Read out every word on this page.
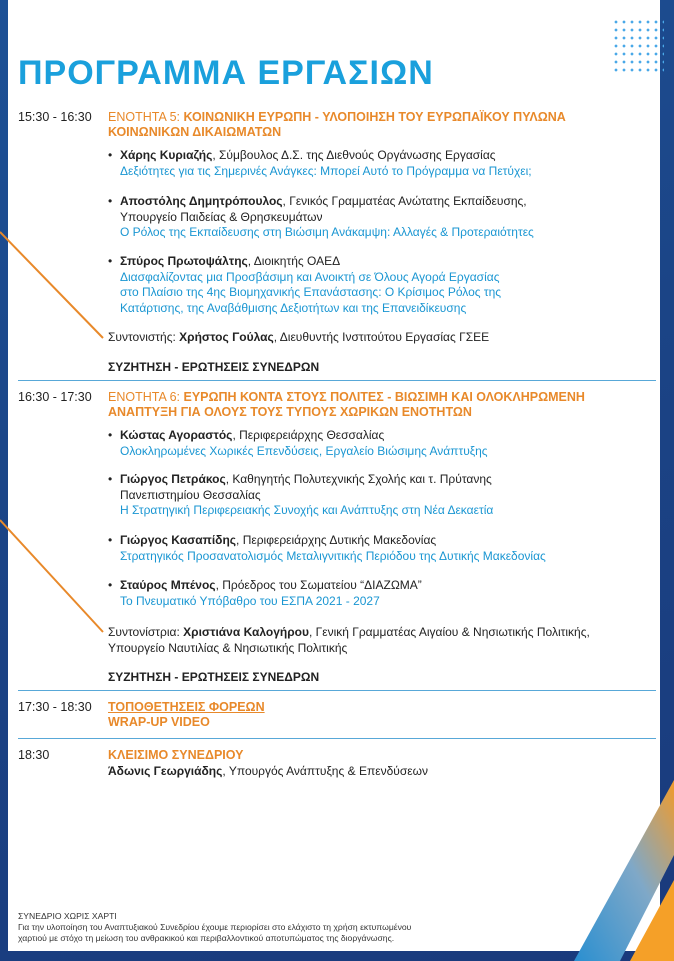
ΠΡΟΓΡΑΜΜΑ ΕΡΓΑΣΙΩΝ
15:30 - 16:30 ΕΝΟΤΗΤΑ 5: ΚΟΙΝΩΝΙΚΗ ΕΥΡΩΠΗ - ΥΛΟΠΟΙΗΣΗ ΤΟΥ ΕΥΡΩΠΑΪΚΟΥ ΠΥΛΩΝΑ
ΚΟΙΝΩΝΙΚΩΝ ΔΙΚΑΙΩΜΑΤΩΝ
• Χάρης Κυριαζής, Σύμβουλος Δ.Σ. της Διεθνούς Οργάνωσης Εργασίας
Δεξιότητες για τις Σημερινές Ανάγκες: Μπορεί Αυτό το Πρόγραμμα να Πετύχει;
• Αποστόλης Δημητρόπουλος, Γενικός Γραμματέας Ανώτατης Εκπαίδευσης,
Υπουργείο Παιδείας & Θρησκευμάτων
Ο Ρόλος της Εκπαίδευσης στη Βιώσιμη Ανάκαμψη: Αλλαγές & Προτεραιότητες
• Σπύρος Πρωτοψάλτης, Διοικητής ΟΑΕΔ
Διασφαλίζοντας μια Προσβάσιμη και Ανοικτή σε Όλους Αγορά Εργασίας
στο Πλαίσιο της 4ης Βιομηχανικής Επανάστασης: Ο Κρίσιμος Ρόλος της
Κατάρτισης, της Αναβάθμισης Δεξιοτήτων και της Επανειδίκευσης
Συντονιστής: Χρήστος Γούλας, Διευθυντής Ινστιτούτου Εργασίας ΓΣΕΕ
ΣΥΖΗΤΗΣΗ - ΕΡΩΤΗΣΕΙΣ ΣΥΝΕΔΡΩΝ
16:30 - 17:30 ΕΝΟΤΗΤΑ 6: ΕΥΡΩΠΗ ΚΟΝΤΑ ΣΤΟΥΣ ΠΟΛΙΤΕΣ - ΒΙΩΣΙΜΗ ΚΑΙ ΟΛΟΚΛΗΡΩΜΕΝΗ
ΑΝΑΠΤΥΞΗ ΓΙΑ ΟΛΟΥΣ ΤΟΥΣ ΤΥΠΟΥΣ ΧΩΡΙΚΩΝ ΕΝΟΤΗΤΩΝ
• Κώστας Αγοραστός, Περιφερειάρχης Θεσσαλίας
Ολοκληρωμένες Χωρικές Επενδύσεις, Εργαλείο Βιώσιμης Ανάπτυξης
• Γιώργος Πετράκος, Καθηγητής Πολυτεχνικής Σχολής και τ. Πρύτανης
Πανεπιστημίου Θεσσαλίας
Η Στρατηγική Περιφερειακής Συνοχής και Ανάπτυξης στη Νέα Δεκαετία
• Γιώργος Κασαπίδης, Περιφερειάρχης Δυτικής Μακεδονίας
Στρατηγικός Προσανατολισμός Μεταλιγνιτικής Περιόδου της Δυτικής Μακεδονίας
• Σταύρος Μπένος, Πρόεδρος του Σωματείου “ΔΙΑΖΩΜΑ”
Το Πνευματικό Υπόβαθρο του ΕΣΠΑ 2021 - 2027
Συντονίστρια: Χριστιάνα Καλογήρου, Γενική Γραμματέας Αιγαίου & Νησιωτικής Πολιτικής,
Υπουργείο Ναυτιλίας & Νησιωτικής Πολιτικής
ΣΥΖΗΤΗΣΗ - ΕΡΩΤΗΣΕΙΣ ΣΥΝΕΔΡΩΝ
17:30 - 18:30 ΤΟΠΟΘΕΤΗΣΕΙΣ ΦΟΡΕΩΝ
WRAP-UP VIDEO
18:30	ΚΛΕΙΣΙΜΟ ΣΥΝΕΔΡΙΟΥ
Άδωνις Γεωργιάδης, Υπουργός Ανάπτυξης & Επενδύσεων
ΣΥΝΕΔΡΙΟ ΧΩΡΙΣ ΧΑΡΤΙ
Για την υλοποίηση του Αναπτυξιακού Συνεδρίου έχουμε περιορίσει στο ελάχιστο τη χρήση εκτυπωμένου
χαρτιού με στόχο τη μείωση του ανθρακικού και περιβαλλοντικού αποτυπώματος της διοργάνωσης.
